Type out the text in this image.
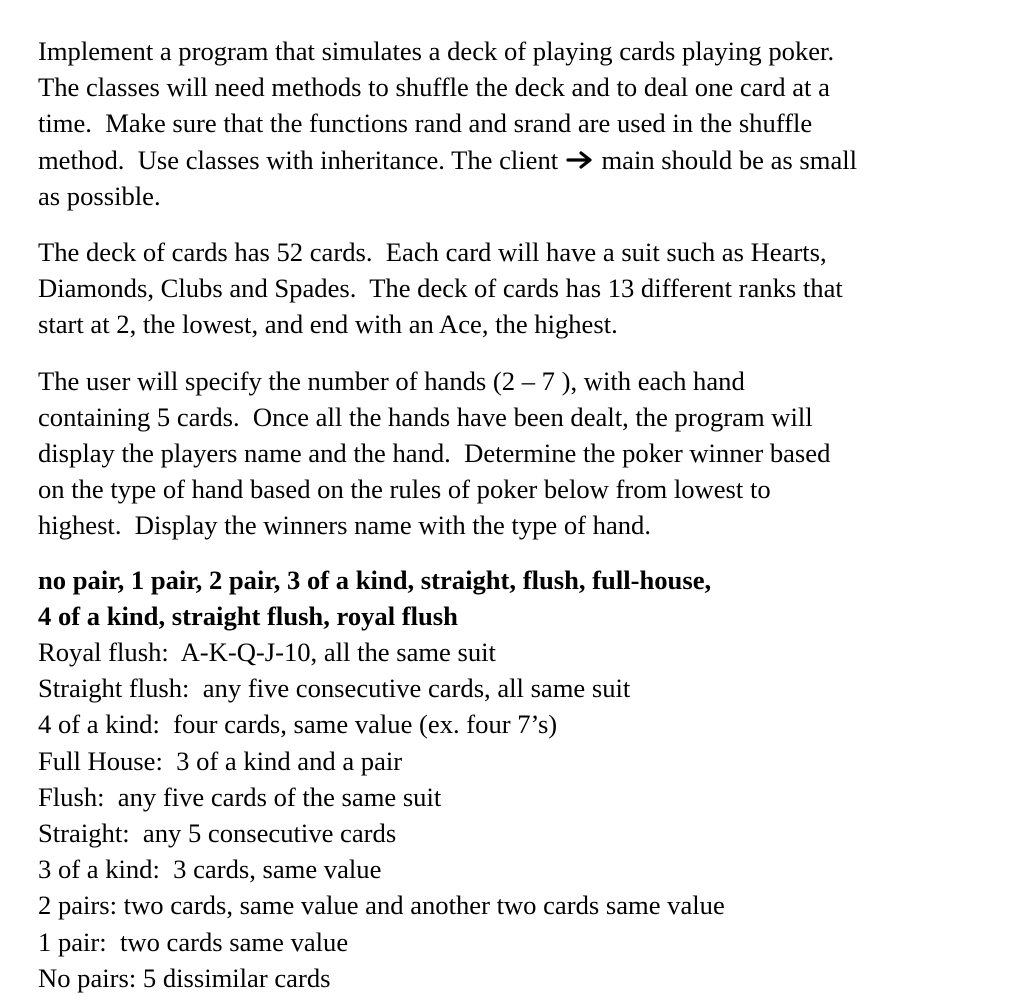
Implement a program that simulates a deck of playing cards playing poker.
The classes will need methods to shuffle the deck and to deal one card at a
time.  Make sure that the functions rand and srand are used in the shuffle
method.  Use classes with inheritance. The client  main should be as small
as possible.

The deck of cards has 52 cards.  Each card will have a suit such as Hearts,
Diamonds, Clubs and Spades.  The deck of cards has 13 different ranks that
start at 2, the lowest, and end with an Ace, the highest.

The user will specify the number of hands (2 – 7 ), with each hand
containing 5 cards.  Once all the hands have been dealt, the program will
display the players name and the hand.  Determine the poker winner based
on the type of hand based on the rules of poker below from lowest to
highest.  Display the winners name with the type of hand.

no pair, 1 pair, 2 pair, 3 of a kind, straight, flush, full-house,
4 of a kind, straight flush, royal flush
Royal flush:  A-K-Q-J-10, all the same suit
Straight flush:  any five consecutive cards, all same suit
4 of a kind:  four cards, same value (ex. four 7’s)
Full House:  3 of a kind and a pair
Flush:  any five cards of the same suit
Straight:  any 5 consecutive cards
3 of a kind:  3 cards, same value
2 pairs: two cards, same value and another two cards same value
1 pair:  two cards same value
No pairs: 5 dissimilar cards
